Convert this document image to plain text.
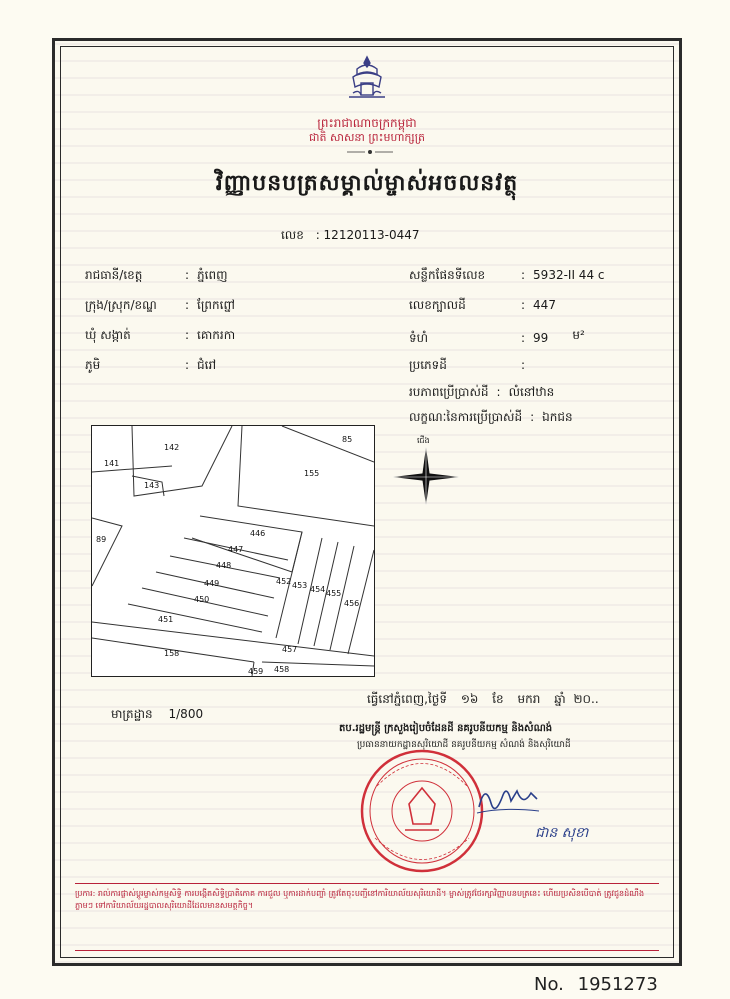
ព្រះរាជាណាចក្រកម្ពុជា
ជាតិ សាសនា ព្រះមហាក្សត្រ
វិញ្ញាបនបត្រសម្គាល់ម្ចាស់អចលនវត្ថុ
លេខ : 12120113-0447
រាជធានី/ខេត្ត	: ភ្នំពេញ
ក្រុង/ស្រុក/ខណ្ឌ : ព្រែកព្នៅ
ឃុំ សង្កាត់	: គោករកា
ភូមិ	: ជំរៅ
សន្លឹកផែនទីលេខ	: 5932-II 44 c
លេខក្បាលដី	: 447
ទំហំ	: 99 ម²
ប្រភេទដី	:
របភាពប្រើប្រាស់ដី : លំនៅឋាន
លក្ខណៈនៃការប្រើប្រាស់ដី : ឯកជន
142
141
143
85
155
89
446
447
448
449
450
451
452 453 454 455
456
457
158
459 458
ជើង
ធ្វើនៅភ្នំពេញ,ថ្ងៃទី ១៦ ខែ មករា ឆ្នាំ ២០..
មាត្រដ្ឋាន 1/800
តប.រដ្ឋមន្ត្រី ក្រសួងរៀបចំដែនដី នគរូបនីយកម្ម និងសំណង់
ប្រធាននាយកដ្ឋានសុរិយោដី នគរូបនីយកម្ម សំណង់ និងសុរិយោដី
ជាន សុខា
ប្រការ: រាល់ការផ្លាស់ប្តូរម្ចាស់កម្មសិទ្ធិ ការបង្កើតសិទ្ធិប្រាតិភោគ ការជួល ឬការដាក់បញ្ចាំ ត្រូវតែចុះបញ្ជីនៅការិយាល័យសុរិយោដី។ ម្ចាស់ត្រូវថែរក្សាវិញ្ញាបនបត្រនេះ ហើយប្រសិនបើបាត់ ត្រូវជូនដំណឹងភ្លាមៗ ទៅការិយាល័យរដ្ឋបាលសុរិយោដីដែលមានសមត្ថកិច្ច។
No. 1951273
